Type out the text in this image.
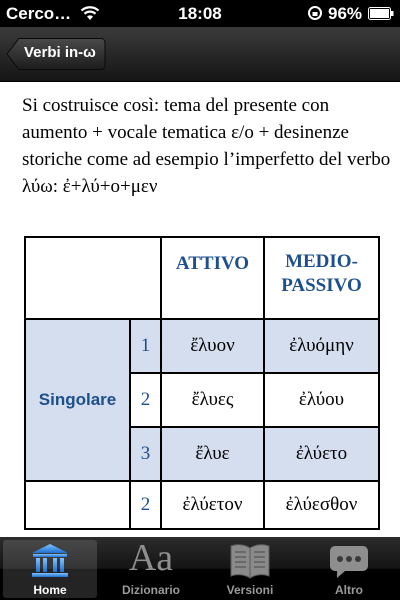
Cerco…	18:08	96%
Verbi in-ω

Si costruisce così: tema del presente con aumento + vocale tematica ε/o + desinenze storiche come ad esempio l’imperfetto del verbo λύω: ἐ+λύ+ο+μεν

		ATTIVO	MEDIO-
PASSIVO

Singolare	1	ἔλυον	ἐλυόμην
	2	ἔλυες	ἐλύου
	3	ἔλυε	ἐλύετο
	2	ἐλύετον	ἐλύεσθον
Home
Aa
Dizionario	Versioni	Altro
